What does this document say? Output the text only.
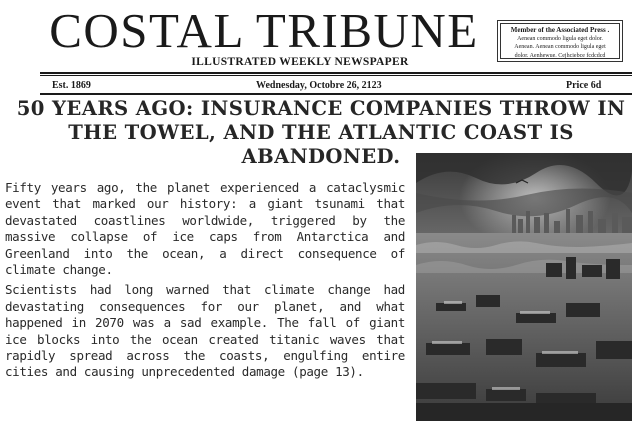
COSTAL TRIBUNE
ILLUSTRATED WEEKLY NEWSPAPER
Member of the Associated Press .
Aenean commodo ligula eget dolor.
Aenean. Aenean commodo ligula eget
dolor. Aenhewue. Cejhciebce fcdcdcd
Est. 1869	Wednesday, Octobre 26, 2123	Price 6d
50 YEARS AGO: INSURANCE COMPANIES THROW IN THE TOWEL, AND THE ATLANTIC COAST IS ABANDONED.

Fifty years ago, the planet experienced a cataclysmic event that marked our history: a giant tsunami that devastated coastlines worldwide, triggered by the massive collapse of ice caps from Antarctica and Greenland into the ocean, a direct consequence of climate change.

Scientists had long warned that climate change had devastating consequences for our planet, and what happened in 2070 was a sad example. The fall of giant ice blocks into the ocean created titanic waves that rapidly spread across the coasts, engulfing entire cities and causing unprecedented damage (page 13).
